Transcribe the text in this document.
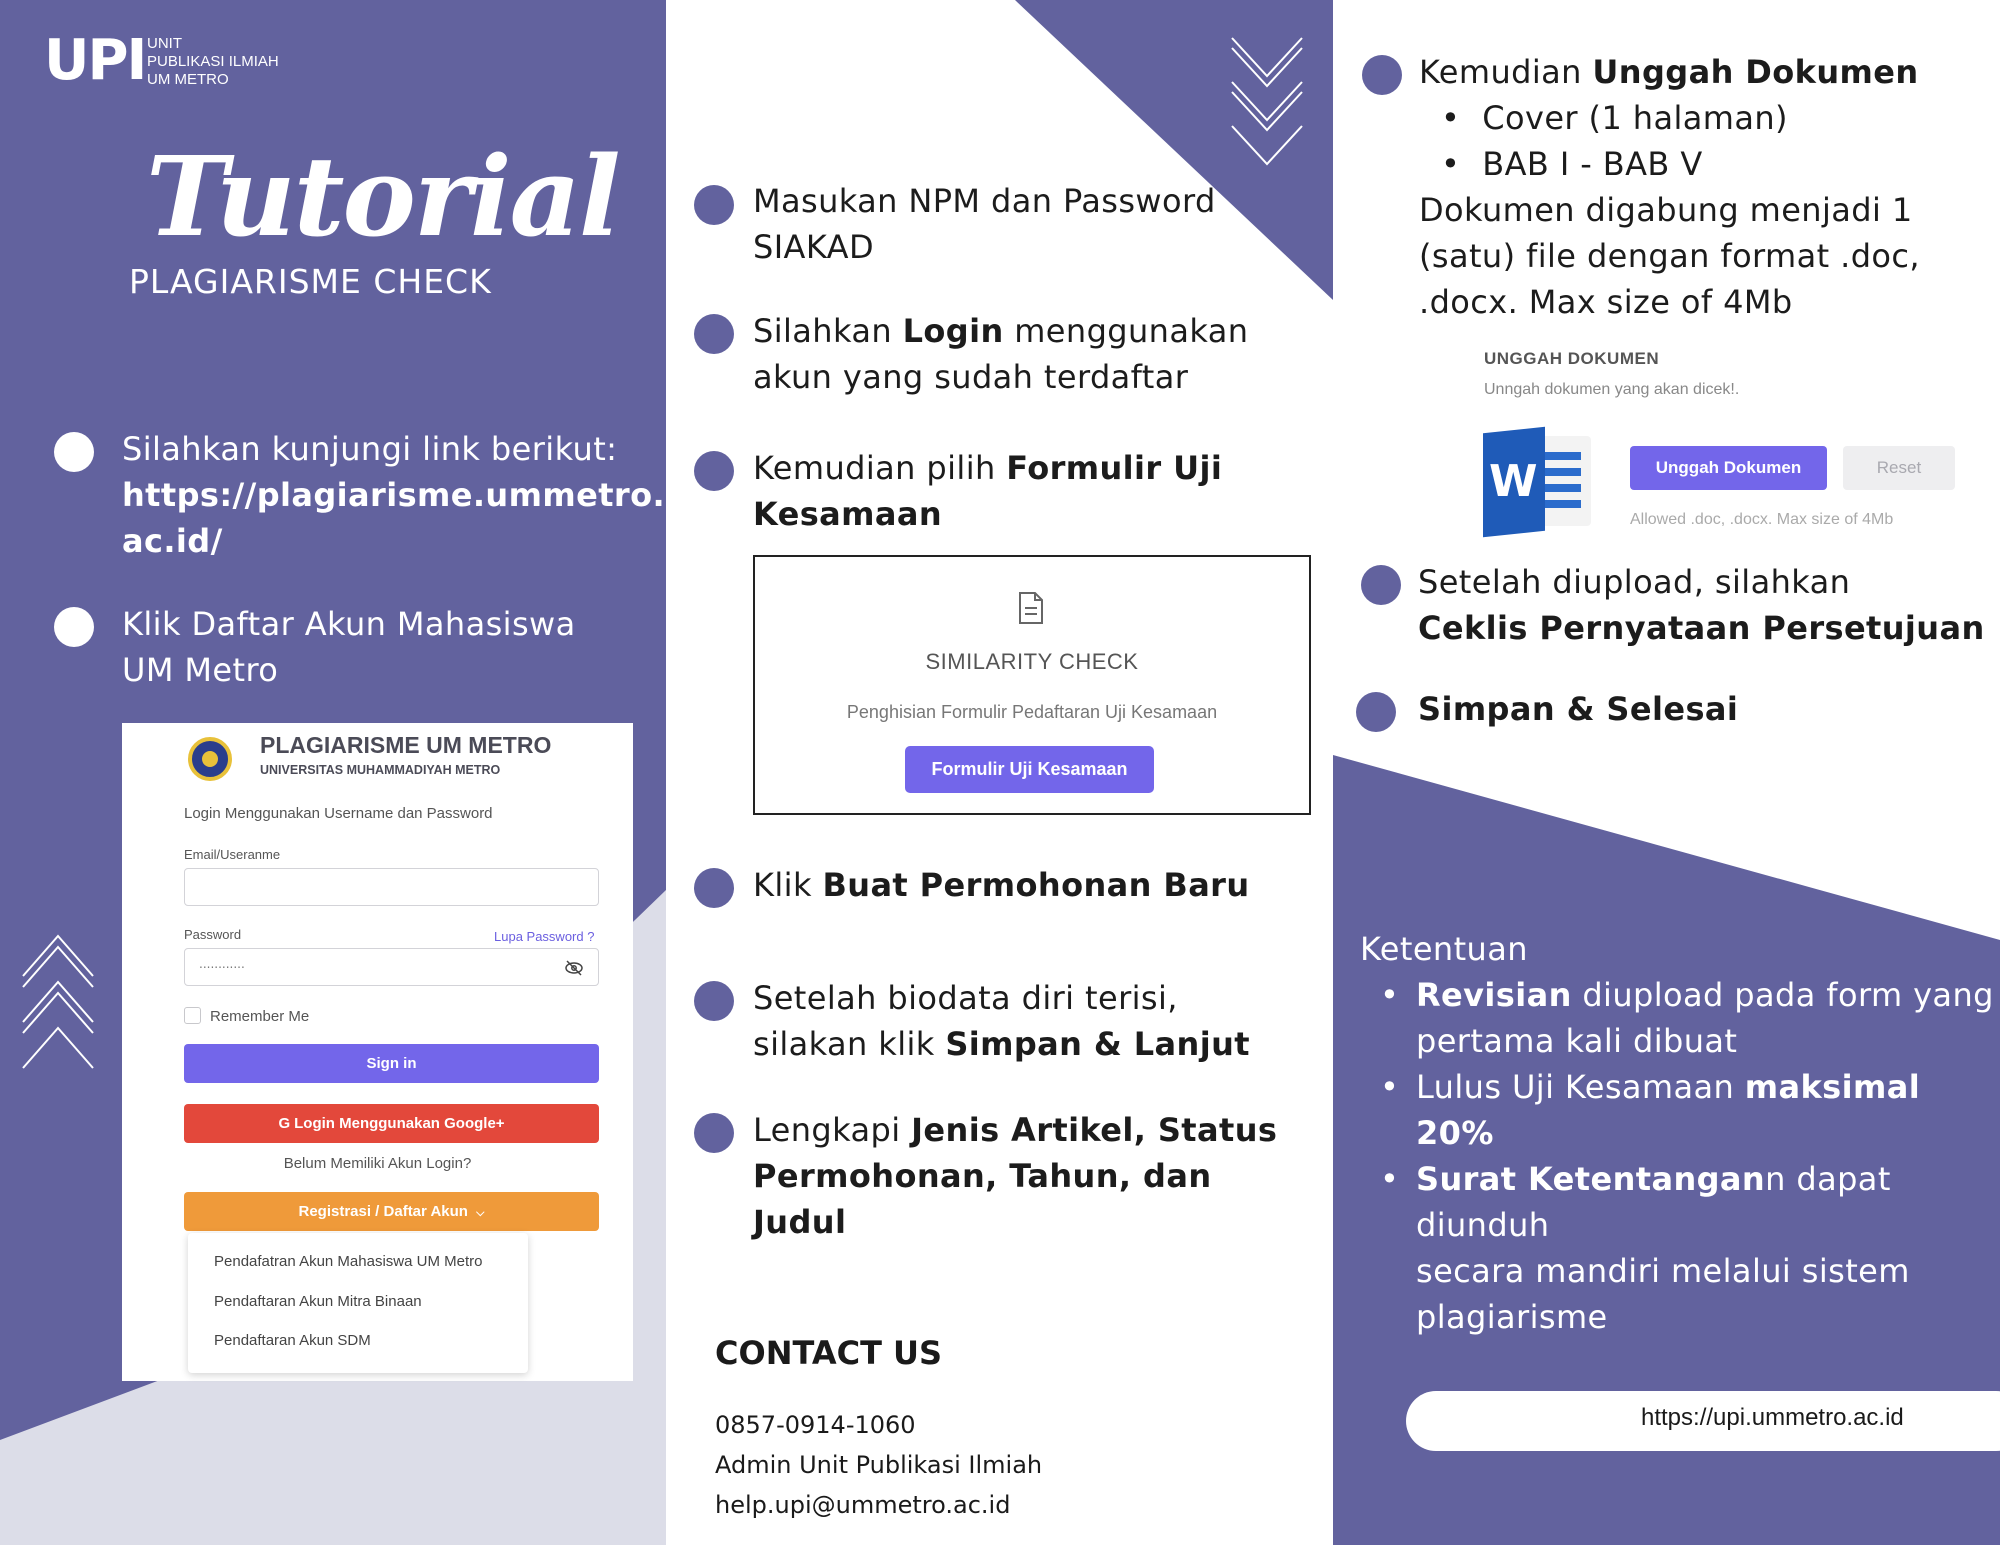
UPI UNIT
PUBLIKASI ILMIAH
UM METRO
Tutorial
PLAGIARISME CHECK
Silahkan kunjungi link berikut:
https://plagiarisme.ummetro.
ac.id/
Klik Daftar Akun Mahasiswa
UM Metro
PLAGIARISME UM METRO
UNIVERSITAS MUHAMMADIYAH METRO
Login Menggunakan Username dan Password
Email/Useranme
Password	Lupa Password ?
............
Remember Me
Sign in
G Login Menggunakan Google+
Belum Memiliki Akun Login?
Registrasi / Daftar Akun ⌵
Pendafatran Akun Mahasiswa UM Metro
Pendaftaran Akun Mitra Binaan
Pendaftaran Akun SDM
Masukan NPM dan Password
SIAKAD
Silahkan Login menggunakan
akun yang sudah terdaftar
Kemudian pilih Formulir Uji
Kesamaan
SIMILARITY CHECK
Penghisian Formulir Pedaftaran Uji Kesamaan
Formulir Uji Kesamaan
Klik Buat Permohonan Baru
Setelah biodata diri terisi,
silakan klik Simpan & Lanjut
Lengkapi Jenis Artikel, Status
Permohonan, Tahun, dan
Judul
CONTACT US
0857-0914-1060
Admin Unit Publikasi Ilmiah
help.upi@ummetro.ac.id
Kemudian Unggah Dokumen
• Cover (1 halaman)
• BAB I - BAB V
Dokumen digabung menjadi 1
(satu) file dengan format .doc,
.docx. Max size of 4Mb
UNGGAH DOKUMEN
Unngah dokumen yang akan dicek!.
W	Unggah Dokumen	Reset
Allowed .doc, .docx. Max size of 4Mb
Setelah diupload, silahkan
Ceklis Pernyataan Persetujuan
Simpan & Selesai
Ketentuan
• Revisian diupload pada form yang
pertama kali dibuat
• Lulus Uji Kesamaan maksimal 20%
• Surat Ketentangann dapat diunduh
secara mandiri melalui sistem
plagiarisme
https://upi.ummetro.ac.id
